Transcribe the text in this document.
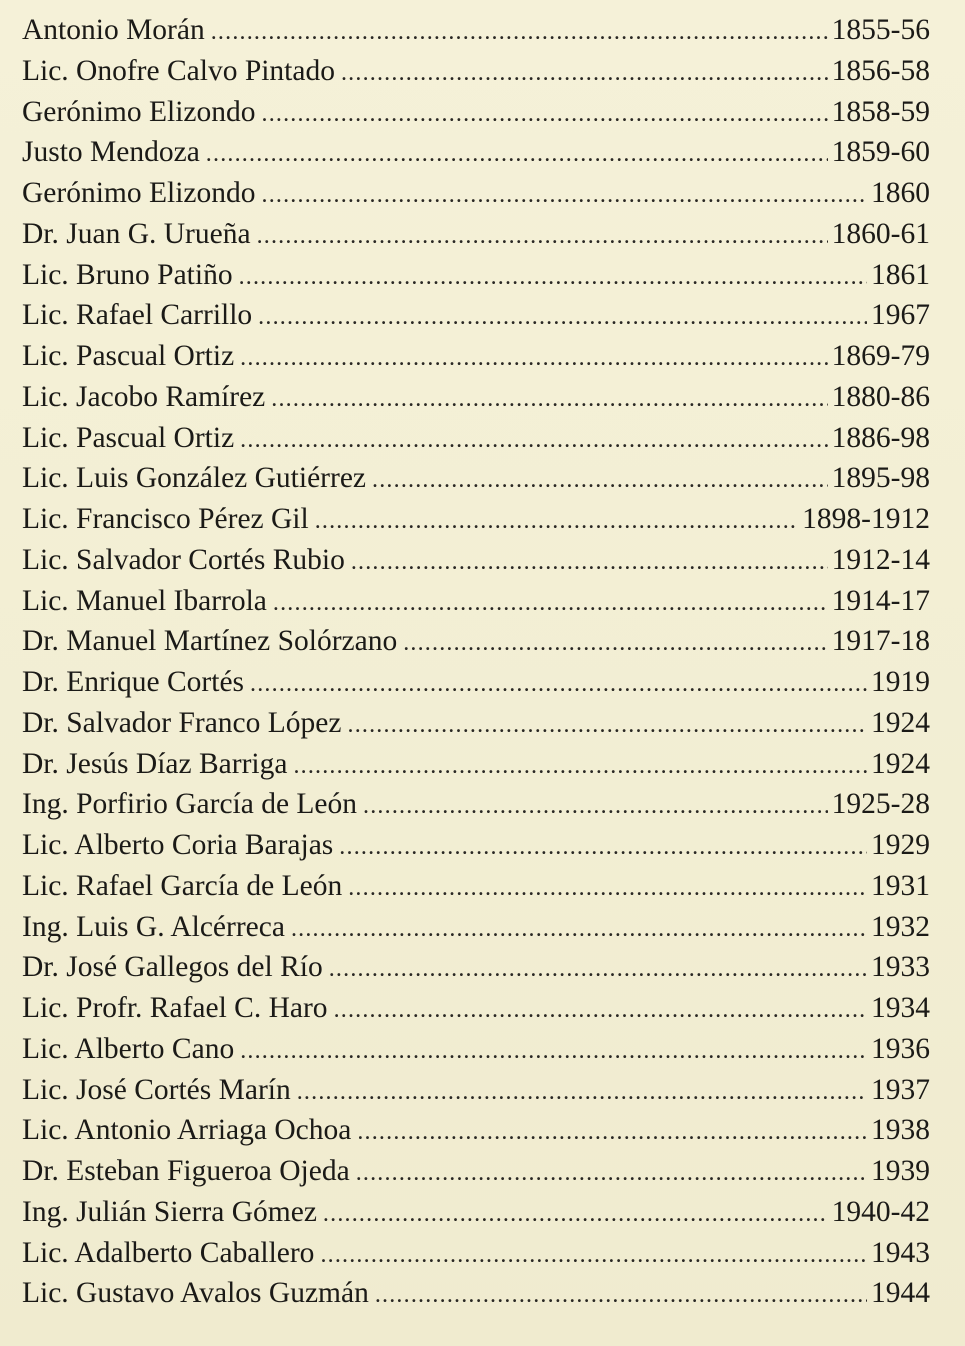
Antonio Morán .....	1855-56
Lic. Onofre Calvo Pintado .....	1856-58
Gerónimo Elizondo .....	1858-59
Justo Mendoza .....	1859-60
Gerónimo Elizondo .....	1860
Dr. Juan G. Urueña .....	1860-61
Lic. Bruno Patiño .....	1861
Lic. Rafael Carrillo .....	1967
Lic. Pascual Ortiz .....	1869-79
Lic. Jacobo Ramírez .....	1880-86
Lic. Pascual Ortiz .....	1886-98
Lic. Luis González Gutiérrez .....	1895-98
Lic. Francisco Pérez Gil .....	1898-1912
Lic. Salvador Cortés Rubio .....	1912-14
Lic. Manuel Ibarrola .....	1914-17
Dr. Manuel Martínez Solórzano .....	1917-18
Dr. Enrique Cortés .....	1919
Dr. Salvador Franco López .....	1924
Dr. Jesús Díaz Barriga .....	1924
Ing. Porfirio García de León .....	1925-28
Lic. Alberto Coria Barajas .....	1929
Lic. Rafael García de León .....	1931
Ing. Luis G. Alcérreca .....	1932
Dr. José Gallegos del Río .....	1933
Lic. Profr. Rafael C. Haro .....	1934
Lic. Alberto Cano .....	1936
Lic. José Cortés Marín .....	1937
Lic. Antonio Arriaga Ochoa .....	1938
Dr. Esteban Figueroa Ojeda .....	1939
Ing. Julián Sierra Gómez .....	1940-42
Lic. Adalberto Caballero .....	1943
Lic. Gustavo Avalos Guzmán .....	1944
